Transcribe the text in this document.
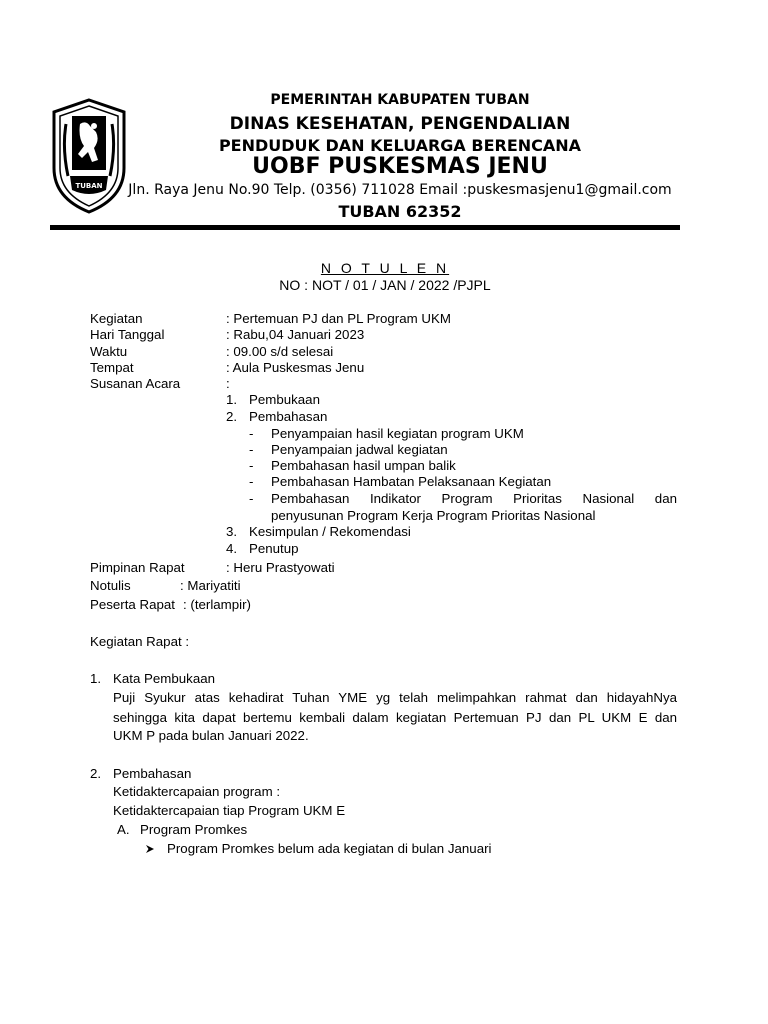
TUBAN
PEMERINTAH KABUPATEN TUBAN
DINAS KESEHATAN, PENGENDALIAN
PENDUDUK DAN KELUARGA BERENCANA
UOBF PUSKESMAS JENU
Jln. Raya Jenu No.90 Telp. (0356) 711028 Email :puskesmasjenu1@gmail.com
TUBAN 62352
N O T U L E N
NO : NOT / 01 / JAN / 2022 /PJPL
Kegiatan	: Pertemuan PJ dan PL Program UKM
Hari Tanggal	: Rabu,04 Januari 2023
Waktu	: 09.00 s/d selesai
Tempat	: Aula Puskesmas Jenu
Susanan Acara	:
1. Pembukaan
2. Pembahasan
- Penyampaian hasil kegiatan program UKM
- Penyampaian jadwal kegiatan
- Pembahasan hasil umpan balik
- Pembahasan Hambatan Pelaksanaan Kegiatan
- Pembahasan Indikator Program Prioritas Nasional dan
penyusunan Program Kerja Program Prioritas Nasional
3. Kesimpulan / Rekomendasi
4. Penutup
Pimpinan Rapat	: Heru Prastyowati
Notulis	: Mariyatiti
Peserta Rapat : (terlampir)
Kegiatan Rapat :
1. Kata Pembukaan
Puji Syukur atas kehadirat Tuhan YME yg telah melimpahkan rahmat dan hidayahNya
sehingga kita dapat bertemu kembali dalam kegiatan Pertemuan PJ dan PL UKM E dan
UKM P pada bulan Januari 2022.
2. Pembahasan
Ketidaktercapaian program :
Ketidaktercapaian tiap Program UKM E
A. Program Promkes
Program Promkes belum ada kegiatan di bulan Januari
